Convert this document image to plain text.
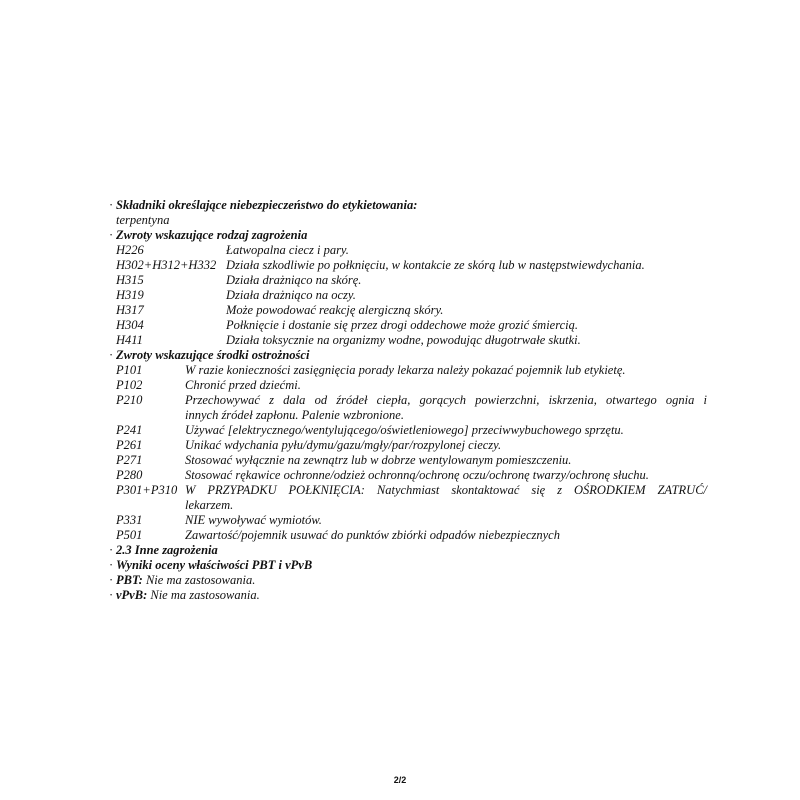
· Składniki określające niebezpieczeństwo do etykietowania:
terpentyna
· Zwroty wskazujące rodzaj zagrożenia
H226	Łatwopalna ciecz i pary.
H302+H312+H332 Działa szkodliwie po połknięciu, w kontakcie ze skórą lub w następstwiewdychania.
H315	Działa drażniąco na skórę.
H319	Działa drażniąco na oczy.
H317	Może powodować reakcję alergiczną skóry.
H304	Połknięcie i dostanie się przez drogi oddechowe może grozić śmiercią.
H411	Działa toksycznie na organizmy wodne, powodując długotrwałe skutki.
· Zwroty wskazujące środki ostrożności
P101	W razie konieczności zasięgnięcia porady lekarza należy pokazać pojemnik lub etykietę.
P102	Chronić przed dziećmi.
P210	Przechowywać z dala od źródeł ciepła, gorących powierzchni, iskrzenia, otwartego ognia i
innych źródeł zapłonu. Palenie wzbronione.
P241	Używać [elektrycznego/wentylującego/oświetleniowego] przeciwwybuchowego sprzętu.
P261	Unikać wdychania pyłu/dymu/gazu/mgły/par/rozpylonej cieczy.
P271	Stosować wyłącznie na zewnątrz lub w dobrze wentylowanym pomieszczeniu.
P280	Stosować rękawice ochronne/odzież ochronną/ochronę oczu/ochronę twarzy/ochronę słuchu.
P301+P310 W PRZYPADKU POŁKNIĘCIA: Natychmiast skontaktować się z OŚRODKIEM ZATRUĆ/
lekarzem.
P331	NIE wywoływać wymiotów.
P501	Zawartość/pojemnik usuwać do punktów zbiórki odpadów niebezpiecznych
· 2.3 Inne zagrożenia
· Wyniki oceny właściwości PBT i vPvB
· PBT: Nie ma zastosowania.
· vPvB: Nie ma zastosowania.
2/2
